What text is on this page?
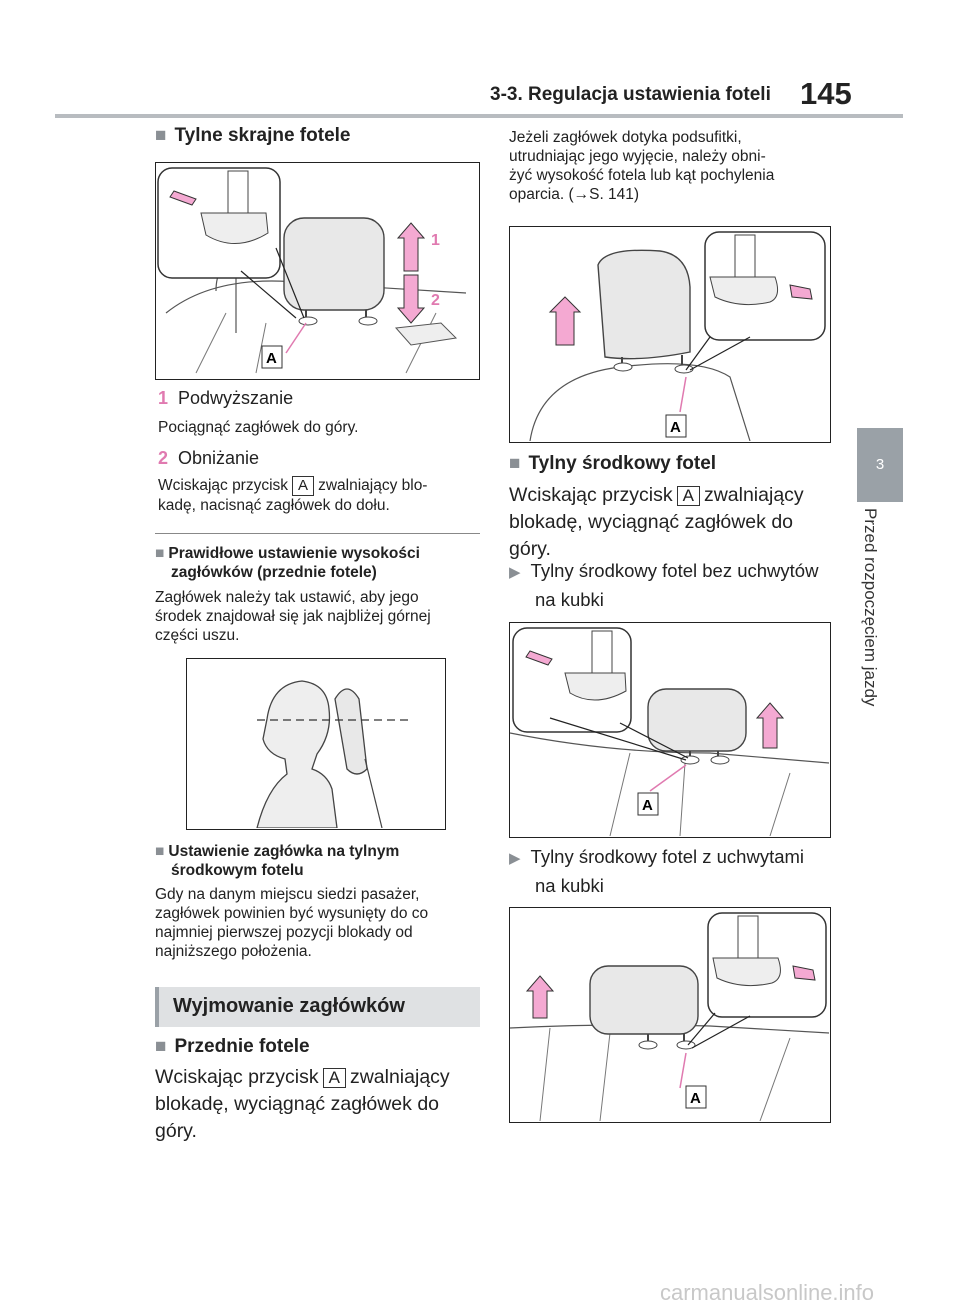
3-3. Regulacja ustawienia foteli 145
3
Przed rozpoczęciem jazdy
■ Tylne skrajne fotele
1
2
A
1 Podwyższanie
Pociągnąć zagłówek do góry.
2 Obniżanie
Wciskając przycisk A zwalniający blo-
kadę, nacisnąć zagłówek do dołu.
■ Prawidłowe ustawienie wysokości
zagłówków (przednie fotele)
Zagłówek należy tak ustawić, aby jego
środek znajdował się jak najbliżej górnej
części uszu.
■ Ustawienie zagłówka na tylnym
środkowym fotelu
Gdy na danym miejscu siedzi pasażer,
zagłówek powinien być wysunięty do co
najmniej pierwszej pozycji blokady od
najniższego położenia.
Wyjmowanie zagłówków
■ Przednie fotele
Wciskając przycisk A zwalniający
blokadę, wyciągnąć zagłówek do
góry.
Jeżeli zagłówek dotyka podsufitki,
utrudniając jego wyjęcie, należy obni-
żyć wysokość fotela lub kąt pochylenia
oparcia. (→S. 141)
A
■ Tylny środkowy fotel
Wciskając przycisk A zwalniający
blokadę, wyciągnąć zagłówek do
góry.
▶ Tylny środkowy fotel bez uchwytów
na kubki
A
▶ Tylny środkowy fotel z uchwytami
na kubki
A
carmanualsonline.info
